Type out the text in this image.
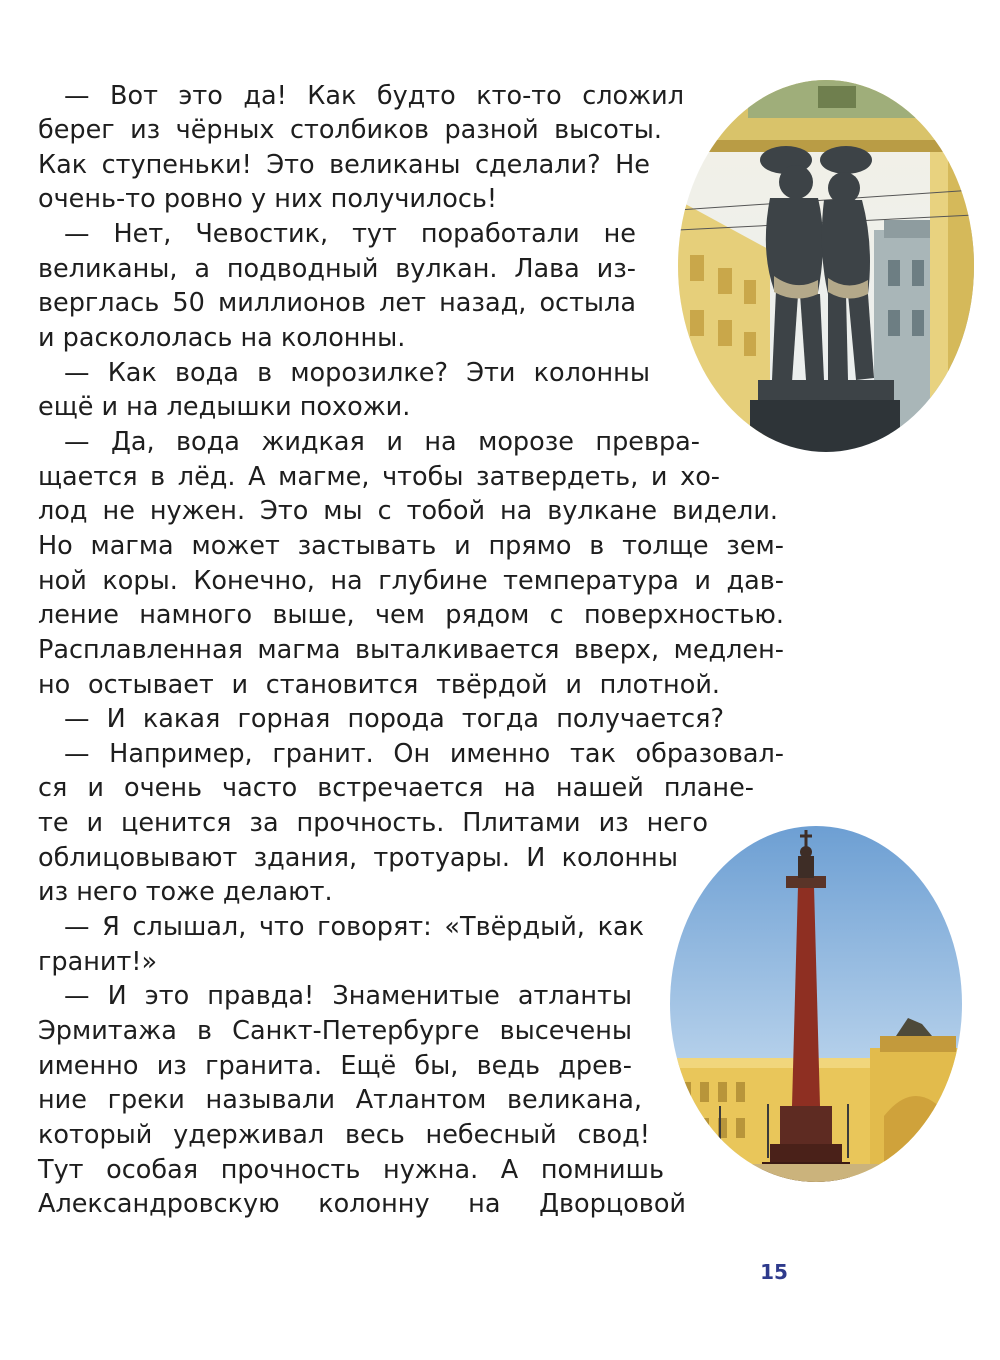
— Вот это да! Как будто кто-то сложил
берег из чёрных столбиков разной высоты.
Как ступеньки! Это великаны сделали? Не
очень-то ровно у них получилось!
— Нет, Чевостик, тут поработали не
великаны, а подводный вулкан. Лава из-
верглась 50 миллионов лет назад, остыла
и раскололась на колонны.
— Как вода в морозилке? Эти колонны
ещё и на ледышки похожи.
— Да, вода жидкая и на морозе превра-
щается в лёд. А магме, чтобы затвердеть, и хо-
лод не нужен. Это мы с тобой на вулкане видели.
Но магма может застывать и прямо в толще зем-
ной коры. Конечно, на глубине температура и дав-
ление намного выше, чем рядом с поверхностью.
Расплавленная магма выталкивается вверх, медлен-
но остывает и становится твёрдой и плотной.
— И какая горная порода тогда получается?
— Например, гранит. Он именно так образовал-
ся и очень часто встречается на нашей плане-
те и ценится за прочность. Плитами из него
облицовывают здания, тротуары. И колонны
из него тоже делают.
— Я слышал, что говорят: «Твёрдый, как
гранит!»
— И это правда! Знаменитые атланты
Эрмитажа в Санкт-Петербурге высечены
именно из гранита. Ещё бы, ведь древ-
ние греки называли Атлантом великана,
который удерживал весь небесный свод!
Тут особая прочность нужна. А помнишь
Александровскую колонну на Дворцовой
15
